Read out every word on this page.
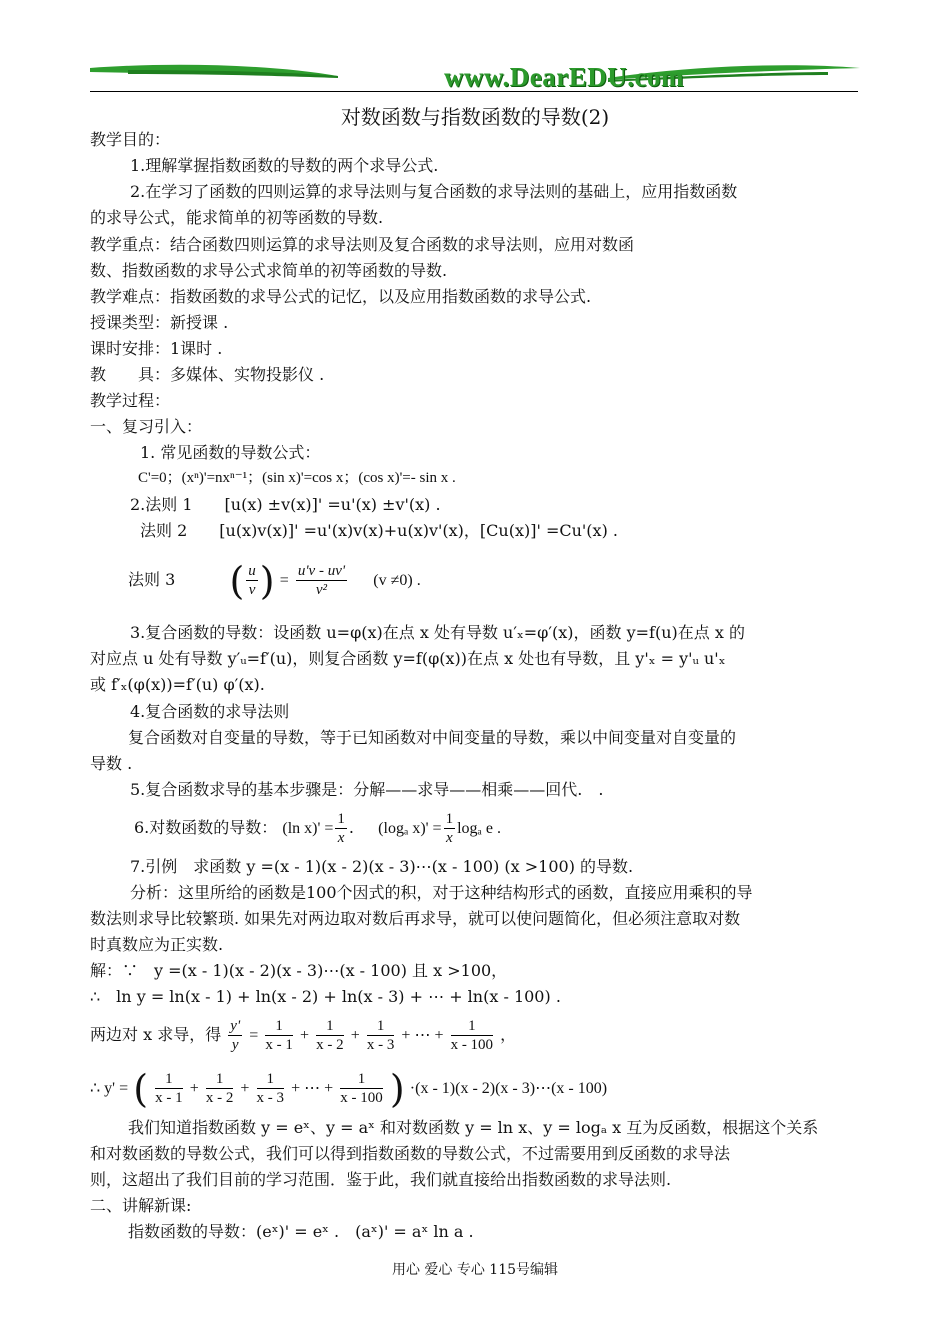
www.DearEDU.com
对数函数与指数函数的导数(2)
教学目的：
1.理解掌握指数函数的导数的两个求导公式.
2.在学习了函数的四则运算的求导法则与复合函数的求导法则的基础上，应用指数函数
的求导公式，能求简单的初等函数的导数.
教学重点：结合函数四则运算的求导法则及复合函数的求导法则，应用对数函
数、指数函数的求导公式求简单的初等函数的导数.
教学难点：指数函数的求导公式的记忆，以及应用指数函数的求导公式.
授课类型：新授课 .
课时安排：1课时 .
教　　具：多媒体、实物投影仪 .
教学过程：
一、复习引入：
1. 常见函数的导数公式：
C'=0；(xⁿ)'=nxⁿ⁻¹；(sin x)'=cos x；(cos x)'=- sin x .
2.法则 1　　[u(x) ±v(x)]' =u'(x) ±v'(x) .
法则 2　　[u(x)v(x)]' =u'(x)v(x)+u(x)v'(x)，[Cu(x)]' =Cu'(x) .
法则 3 ( $\frac{u}{v}$ ) = $\frac{u'v - uv'}{\text{v²}} (v \ne 0)$ .
3.复合函数的导数：设函数 u=φ(x)在点 x 处有导数 u′ₓ=φ′(x)，函数 y=f(u)在点 x 的
对应点 u 处有导数 y′ᵤ=f′(u)，则复合函数 y=f(φ(x))在点 x 处也有导数，且 y'ₓ = y'ᵤ u'ₓ
或 f′ₓ(φ(x))=f′(u) φ′(x).
4.复合函数的求导法则
复合函数对自变量的导数，等于已知函数对中间变量的导数，乘以中间变量对自变量的
导数 .
5.复合函数求导的基本步骤是：分解——求导——相乘——回代.　.
6.对数函数的导数： (ln $x)' = \frac{1}{x}$ . (logₐ $x)' = \frac{1}{x}$ logₐ e .
7.引例　求函数 y =(x - 1)(x - 2)(x - 3)⋯(x - 100) (x >100) 的导数.
分析：这里所给的函数是100个因式的积，对于这种结构形式的函数，直接应用乘积的导
数法则求导比较繁琐. 如果先对两边取对数后再求导，就可以使问题简化，但必须注意取对数
时真数应为正实数.
解：∵　y =(x - 1)(x - 2)(x - 3)⋯(x - 100) 且 x >100，
∴　ln y = ln(x - 1) + ln(x - 2) + ln(x - 3) + ⋯ + ln(x - 100) .
两边对 x 求导，得 $\frac{y'}{y} = \frac{1}{x - 1} + \frac{1}{x - 2} + \frac{1}{x - 3}$ + ⋯ + $\frac{1}{x - 100}$ ，
∴ y' = ( $\frac{1}{x - 1} + \frac{1}{x - 2} + \frac{1}{x - 3}$ + ⋯ + $\frac{1}{x - 100}$ ) ·(x - 1)(x - 2)(x - 3)⋯(x - 100)
我们知道指数函数 y = eˣ、y = aˣ 和对数函数 y = ln x、y = logₐ x 互为反函数，根据这个关系
和对数函数的导数公式，我们可以得到指数函数的导数公式，不过需要用到反函数的求导法
则，这超出了我们目前的学习范围．鉴于此，我们就直接给出指数函数的求导法则.
二、讲解新课:
指数函数的导数：(eˣ)' = eˣ .　(aˣ)' = aˣ ln a .
用心 爱心 专心 115号编辑
